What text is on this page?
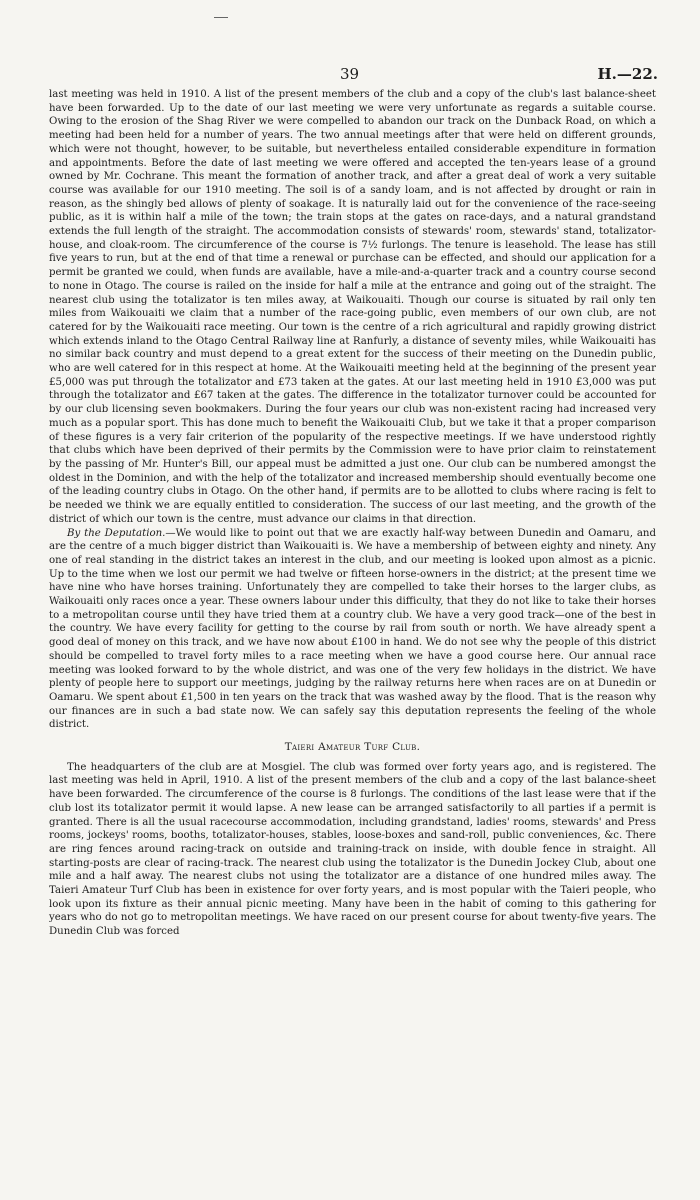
39	H.—22.

last meeting was held in 1910. A list of the present members of the club and a copy of the club's last balance-sheet have been forwarded. Up to the date of our last meeting we were very unfortunate as regards a suitable course. Owing to the erosion of the Shag River we were compelled to abandon our track on the Dunback Road, on which a meeting had been held for a number of years. The two annual meetings after that were held on different grounds, which were not thought, however, to be suitable, but nevertheless entailed considerable expenditure in formation and appointments. Before the date of last meeting we were offered and accepted the ten-years lease of a ground owned by Mr. Cochrane. This meant the formation of another track, and after a great deal of work a very suitable course was available for our 1910 meeting. The soil is of a sandy loam, and is not affected by drought or rain in reason, as the shingly bed allows of plenty of soakage. It is naturally laid out for the convenience of the race-seeing public, as it is within half a mile of the town; the train stops at the gates on race-days, and a natural grandstand extends the full length of the straight. The accommodation consists of stewards' room, stewards' stand, totalizator-house, and cloak-room. The circumference of the course is 7½ furlongs. The tenure is leasehold. The lease has still five years to run, but at the end of that time a renewal or purchase can be effected, and should our application for a permit be granted we could, when funds are available, have a mile-and-a-quarter track and a country course second to none in Otago. The course is railed on the inside for half a mile at the entrance and going out of the straight. The nearest club using the totalizator is ten miles away, at Waikouaiti. Though our course is situated by rail only ten miles from Waikouaiti we claim that a number of the race-going public, even members of our own club, are not catered for by the Waikouaiti race meeting. Our town is the centre of a rich agricultural and rapidly growing district which extends inland to the Otago Central Railway line at Ranfurly, a distance of seventy miles, while Waikouaiti has no similar back country and must depend to a great extent for the success of their meeting on the Dunedin public, who are well catered for in this respect at home. At the Waikouaiti meeting held at the beginning of the present year £5,000 was put through the totalizator and £73 taken at the gates. At our last meeting held in 1910 £3,000 was put through the totalizator and £67 taken at the gates. The difference in the totalizator turnover could be accounted for by our club licensing seven bookmakers. During the four years our club was non-existent racing had increased very much as a popular sport. This has done much to benefit the Waikouaiti Club, but we take it that a proper comparison of these figures is a very fair criterion of the popularity of the respective meetings. If we have understood rightly that clubs which have been deprived of their permits by the Commission were to have prior claim to reinstatement by the passing of Mr. Hunter's Bill, our appeal must be admitted a just one. Our club can be numbered amongst the oldest in the Dominion, and with the help of the totalizator and increased membership should eventually become one of the leading country clubs in Otago. On the other hand, if permits are to be allotted to clubs where racing is felt to be needed we think we are equally entitled to consideration. The success of our last meeting, and the growth of the district of which our town is the centre, must advance our claims in that direction.

By the Deputation.—We would like to point out that we are exactly half-way between Dunedin and Oamaru, and are the centre of a much bigger district than Waikouaiti is. We have a membership of between eighty and ninety. Any one of real standing in the district takes an interest in the club, and our meeting is looked upon almost as a picnic. Up to the time when we lost our permit we had twelve or fifteen horse-owners in the district; at the present time we have nine who have horses training. Unfortunately they are compelled to take their horses to the larger clubs, as Waikouaiti only races once a year. These owners labour under this difficulty, that they do not like to take their horses to a metropolitan course until they have tried them at a country club. We have a very good track—one of the best in the country. We have every facility for getting to the course by rail from south or north. We have already spent a good deal of money on this track, and we have now about £100 in hand. We do not see why the people of this district should be compelled to travel forty miles to a race meeting when we have a good course here. Our annual race meeting was looked forward to by the whole district, and was one of the very few holidays in the district. We have plenty of people here to support our meetings, judging by the railway returns here when races are on at Dunedin or Oamaru. We spent about £1,500 in ten years on the track that was washed away by the flood. That is the reason why our finances are in such a bad state now. We can safely say this deputation represents the feeling of the whole district.

Taieri Amateur Turf Club.

The headquarters of the club are at Mosgiel. The club was formed over forty years ago, and is registered. The last meeting was held in April, 1910. A list of the present members of the club and a copy of the last balance-sheet have been forwarded. The circumference of the course is 8 furlongs. The conditions of the last lease were that if the club lost its totalizator permit it would lapse. A new lease can be arranged satisfactorily to all parties if a permit is granted. There is all the usual racecourse accommodation, including grandstand, ladies' rooms, stewards' and Press rooms, jockeys' rooms, booths, totalizator-houses, stables, loose-boxes and sand-roll, public conveniences, &c. There are ring fences around racing-track on outside and training-track on inside, with double fence in straight. All starting-posts are clear of racing-track. The nearest club using the totalizator is the Dunedin Jockey Club, about one mile and a half away. The nearest clubs not using the totalizator are a distance of one hundred miles away. The Taieri Amateur Turf Club has been in existence for over forty years, and is most popular with the Taieri people, who look upon its fixture as their annual picnic meeting. Many have been in the habit of coming to this gathering for years who do not go to metropolitan meetings. We have raced on our present course for about twenty-five years. The Dunedin Club was forced
